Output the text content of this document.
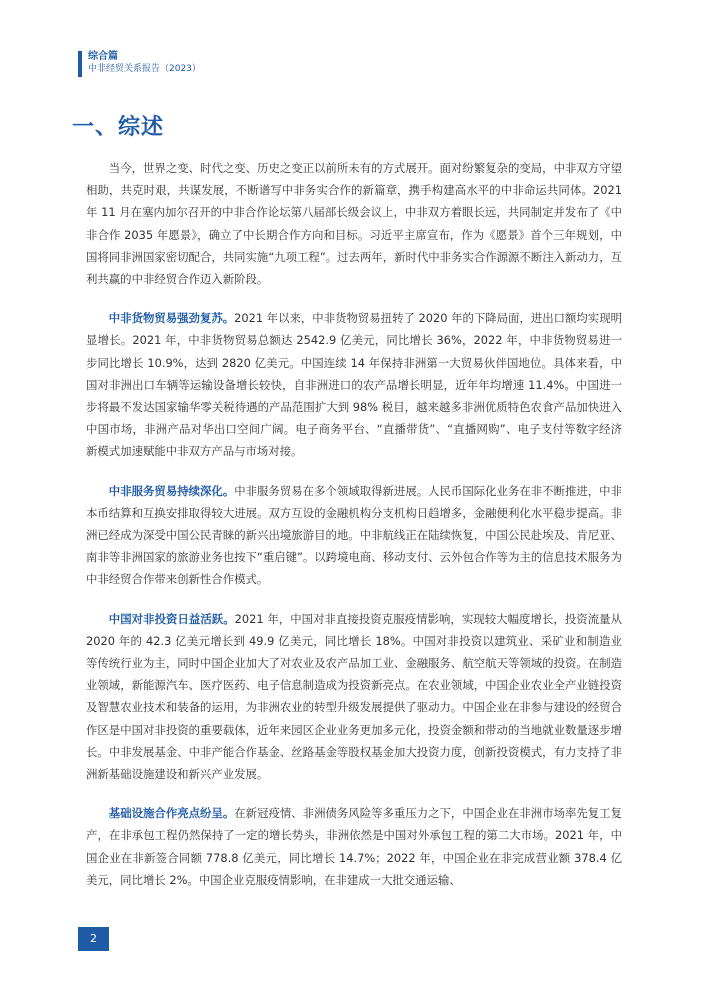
综合篇
中非经贸关系报告（2023）
一、综述

当今，世界之变、时代之变、历史之变正以前所未有的方式展开。面对纷繁复杂的变局，中非双方守望相助，共克时艰，共谋发展，不断谱写中非务实合作的新篇章，携手构建高水平的中非命运共同体。2021 年 11 月在塞内加尔召开的中非合作论坛第八届部长级会议上，中非双方着眼长远，共同制定并发布了《中非合作 2035 年愿景》，确立了中长期合作方向和目标。习近平主席宣布，作为《愿景》首个三年规划，中国将同非洲国家密切配合，共同实施“九项工程”。过去两年，新时代中非务实合作源源不断注入新动力，互利共赢的中非经贸合作迈入新阶段。

中非货物贸易强劲复苏。2021 年以来，中非货物贸易扭转了 2020 年的下降局面，进出口额均实现明显增长。2021 年，中非货物贸易总额达 2542.9 亿美元，同比增长 36%，2022 年，中非货物贸易进一步同比增长 10.9%，达到 2820 亿美元。中国连续 14 年保持非洲第一大贸易伙伴国地位。具体来看，中国对非洲出口车辆等运输设备增长较快，自非洲进口的农产品增长明显，近年年均增速 11.4%。中国进一步将最不发达国家输华零关税待遇的产品范围扩大到 98% 税目，越来越多非洲优质特色农食产品加快进入中国市场，非洲产品对华出口空间广阔。电子商务平台、“直播带货”、“直播网购”、电子支付等数字经济新模式加速赋能中非双方产品与市场对接。

中非服务贸易持续深化。中非服务贸易在多个领域取得新进展。人民币国际化业务在非不断推进，中非本币结算和互换安排取得较大进展。双方互设的金融机构分支机构日趋增多，金融便利化水平稳步提高。非洲已经成为深受中国公民青睐的新兴出境旅游目的地。中非航线正在陆续恢复，中国公民赴埃及、肯尼亚、南非等非洲国家的旅游业务也按下“重启键”。以跨境电商、移动支付、云外包合作等为主的信息技术服务为中非经贸合作带来创新性合作模式。

中国对非投资日益活跃。2021 年，中国对非直接投资克服疫情影响，实现较大幅度增长，投资流量从 2020 年的 42.3 亿美元增长到 49.9 亿美元，同比增长 18%。中国对非投资以建筑业、采矿业和制造业等传统行业为主，同时中国企业加大了对农业及农产品加工业、金融服务、航空航天等领域的投资。在制造业领域，新能源汽车、医疗医药、电子信息制造成为投资新亮点。在农业领域，中国企业农业全产业链投资及智慧农业技术和装备的运用，为非洲农业的转型升级发展提供了驱动力。中国企业在非参与建设的经贸合作区是中国对非投资的重要载体，近年来园区企业业务更加多元化，投资金额和带动的当地就业数量逐步增长。中非发展基金、中非产能合作基金、丝路基金等股权基金加大投资力度，创新投资模式，有力支持了非洲新基础设施建设和新兴产业发展。

基础设施合作亮点纷呈。在新冠疫情、非洲债务风险等多重压力之下，中国企业在非洲市场率先复工复产，在非承包工程仍然保持了一定的增长势头，非洲依然是中国对外承包工程的第二大市场。2021 年，中国企业在非新签合同额 778.8 亿美元，同比增长 14.7%；2022 年，中国企业在非完成营业额 378.4 亿美元，同比增长 2%。中国企业克服疫情影响，在非建成一大批交通运输、

2
